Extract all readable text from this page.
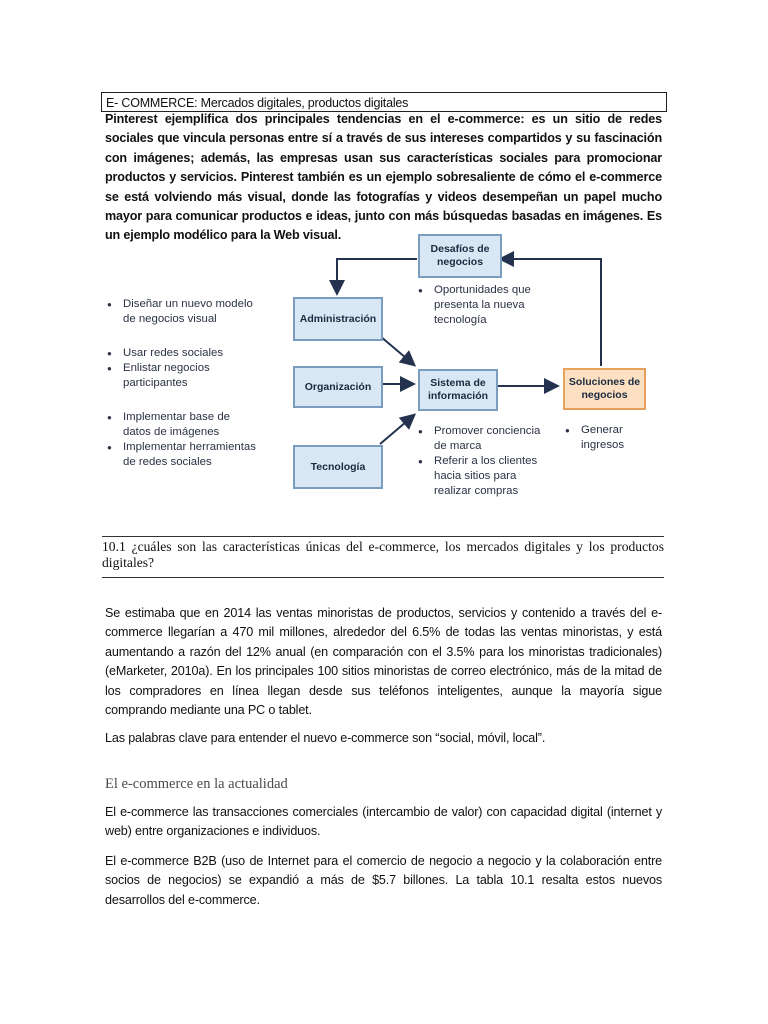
E- COMMERCE: Mercados digitales, productos digitales
Pinterest ejemplifica dos principales tendencias en el e-commerce: es un sitio de redes sociales que vincula personas entre sí a través de sus intereses compartidos y su fascinación con imágenes; además, las empresas usan sus características sociales para promocionar productos y servicios. Pinterest también es un ejemplo sobresaliente de cómo el e-commerce se está volviendo más visual, donde las fotografías y videos desempeñan un papel mucho mayor para comunicar productos e ideas, junto con más búsquedas basadas en imágenes. Es un ejemplo modélico para la Web visual.
Desafíos de negocios
Administración
Organización
Tecnología
Sistema de información
Soluciones de negocios
● Diseñar un nuevo modelo de negocios visual
● Usar redes sociales
● Enlistar negocios participantes
● Implementar base de datos de imágenes
● Implementar herramientas de redes sociales
● Oportunidades que presenta la nueva tecnología
● Promover conciencia de marca
● Referir a los clientes hacia sitios para realizar compras
● Generar ingresos
10.1 ¿cuáles son las características únicas del e-commerce, los mercados digitales y los productos digitales?
Se estimaba que en 2014 las ventas minoristas de productos, servicios y contenido a través del e-commerce llegarían a 470 mil millones, alrededor del 6.5% de todas las ventas minoristas, y está aumentando a razón del 12% anual (en comparación con el 3.5% para los minoristas tradicionales) (eMarketer, 2010a). En los principales 100 sitios minoristas de correo electrónico, más de la mitad de los compradores en línea llegan desde sus teléfonos inteligentes, aunque la mayoría sigue comprando mediante una PC o tablet.
Las palabras clave para entender el nuevo e-commerce son “social, móvil, local”.
El e-commerce en la actualidad
El e-commerce las transacciones comerciales (intercambio de valor) con capacidad digital (internet y web) entre organizaciones e individuos.
El e-commerce B2B (uso de Internet para el comercio de negocio a negocio y la colaboración entre socios de negocios) se expandió a más de $5.7 billones. La tabla 10.1 resalta estos nuevos desarrollos del e-commerce.
